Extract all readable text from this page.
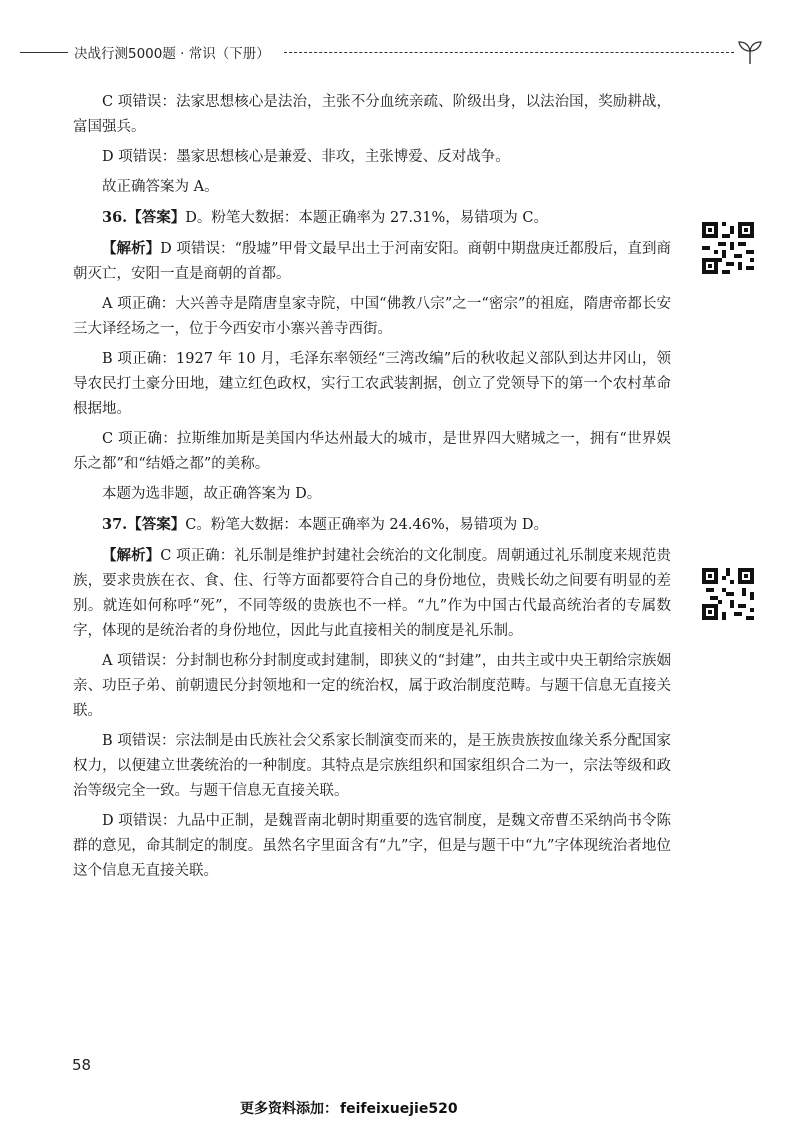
决战行测5000题 · 常识（下册）

C 项错误：法家思想核心是法治，主张不分血统亲疏、阶级出身，以法治国，奖励耕战，富国强兵。

D 项错误：墨家思想核心是兼爱、非攻，主张博爱、反对战争。

故正确答案为 A。

36.【答案】D。粉笔大数据：本题正确率为 27.31%，易错项为 C。

【解析】D 项错误：“殷墟”甲骨文最早出土于河南安阳。商朝中期盘庚迁都殷后，直到商朝灭亡，安阳一直是商朝的首都。

A 项正确：大兴善寺是隋唐皇家寺院，中国“佛教八宗”之一“密宗”的祖庭，隋唐帝都长安三大译经场之一，位于今西安市小寨兴善寺西街。

B 项正确：1927 年 10 月，毛泽东率领经“三湾改编”后的秋收起义部队到达井冈山，领导农民打土豪分田地，建立红色政权，实行工农武装割据，创立了党领导下的第一个农村革命根据地。

C 项正确：拉斯维加斯是美国内华达州最大的城市，是世界四大赌城之一，拥有“世界娱乐之都”和“结婚之都”的美称。

本题为选非题，故正确答案为 D。

37.【答案】C。粉笔大数据：本题正确率为 24.46%，易错项为 D。

【解析】C 项正确：礼乐制是维护封建社会统治的文化制度。周朝通过礼乐制度来规范贵族，要求贵族在衣、食、住、行等方面都要符合自己的身份地位，贵贱长幼之间要有明显的差别。就连如何称呼“死”，不同等级的贵族也不一样。“九”作为中国古代最高统治者的专属数字，体现的是统治者的身份地位，因此与此直接相关的制度是礼乐制。

A 项错误：分封制也称分封制度或封建制，即狭义的“封建”，由共主或中央王朝给宗族姻亲、功臣子弟、前朝遗民分封领地和一定的统治权，属于政治制度范畴。与题干信息无直接关联。

B 项错误：宗法制是由氏族社会父系家长制演变而来的，是王族贵族按血缘关系分配国家权力，以便建立世袭统治的一种制度。其特点是宗族组织和国家组织合二为一，宗法等级和政治等级完全一致。与题干信息无直接关联。

D 项错误：九品中正制，是魏晋南北朝时期重要的选官制度，是魏文帝曹丕采纳尚书令陈群的意见，命其制定的制度。虽然名字里面含有“九”字，但是与题干中“九”字体现统治者地位这个信息无直接关联。

58
更多资料添加： feifeixuejie520
